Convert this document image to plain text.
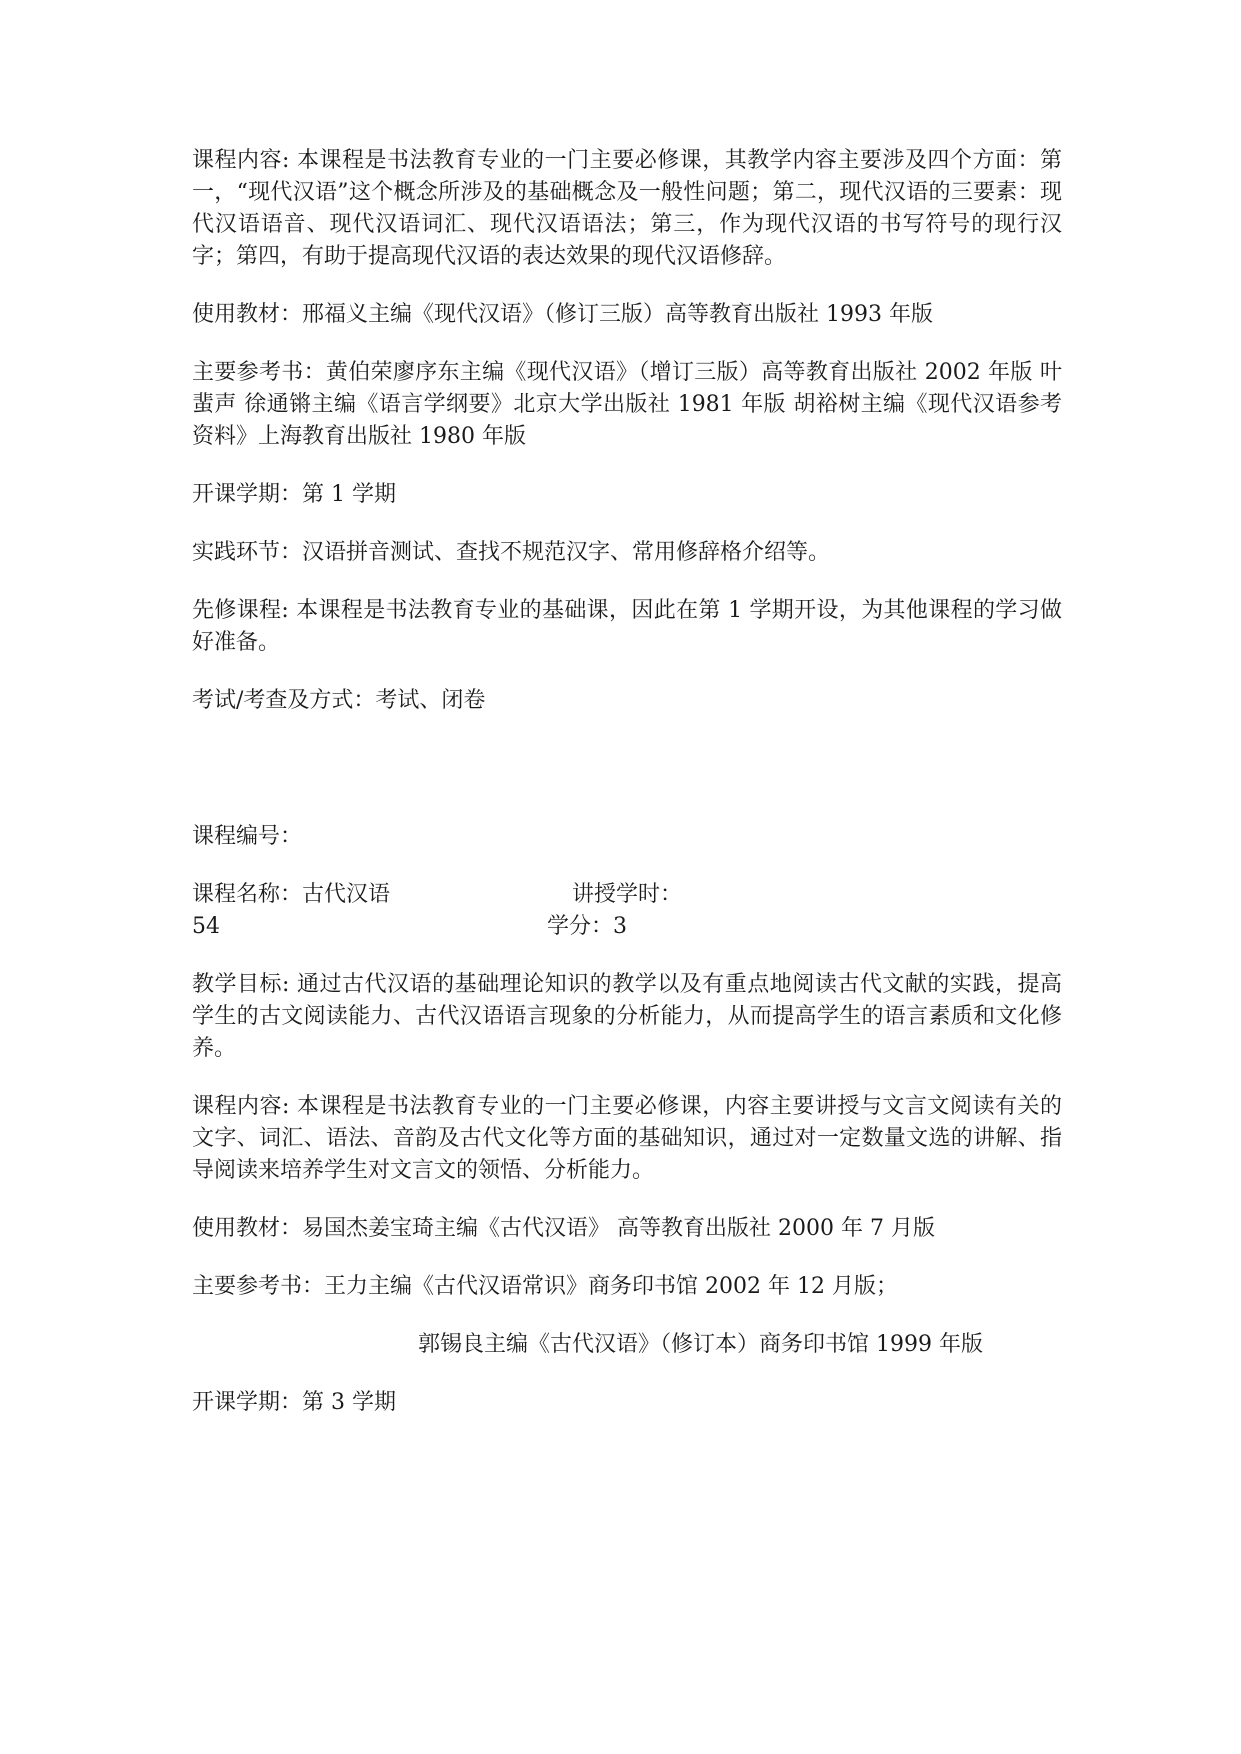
课程内容: 本课程是书法教育专业的一门主要必修课，其教学内容主要涉及四个方面：第一，“现代汉语”这个概念所涉及的基础概念及一般性问题；第二，现代汉语的三要素：现代汉语语音、现代汉语词汇、现代汉语语法；第三，作为现代汉语的书写符号的现行汉字；第四，有助于提高现代汉语的表达效果的现代汉语修辞。

使用教材：邢福义主编《现代汉语》（修订三版）高等教育出版社 1993 年版

主要参考书：黄伯荣廖序东主编《现代汉语》（增订三版）高等教育出版社 2002 年版 叶蜚声 徐通锵主编《语言学纲要》北京大学出版社 1981 年版 胡裕树主编《现代汉语参考资料》上海教育出版社 1980 年版

开课学期：第 1 学期

实践环节：汉语拼音测试、查找不规范汉字、常用修辞格介绍等。

先修课程: 本课程是书法教育专业的基础课，因此在第 1 学期开设，为其他课程的学习做好准备。

考试/考查及方式：考试、闭卷

课程编号：

课程名称：古代汉语	讲授学时：
54	学分：3

教学目标: 通过古代汉语的基础理论知识的教学以及有重点地阅读古代文献的实践，提高学生的古文阅读能力、古代汉语语言现象的分析能力，从而提高学生的语言素质和文化修养。

课程内容: 本课程是书法教育专业的一门主要必修课，内容主要讲授与文言文阅读有关的文字、词汇、语法、音韵及古代文化等方面的基础知识，通过对一定数量文选的讲解、指导阅读来培养学生对文言文的领悟、分析能力。

使用教材：易国杰姜宝琦主编《古代汉语》 高等教育出版社 2000 年 7 月版

主要参考书：王力主编《古代汉语常识》商务印书馆 2002 年 12 月版；

郭锡良主编《古代汉语》（修订本）商务印书馆 1999 年版

开课学期：第 3 学期
